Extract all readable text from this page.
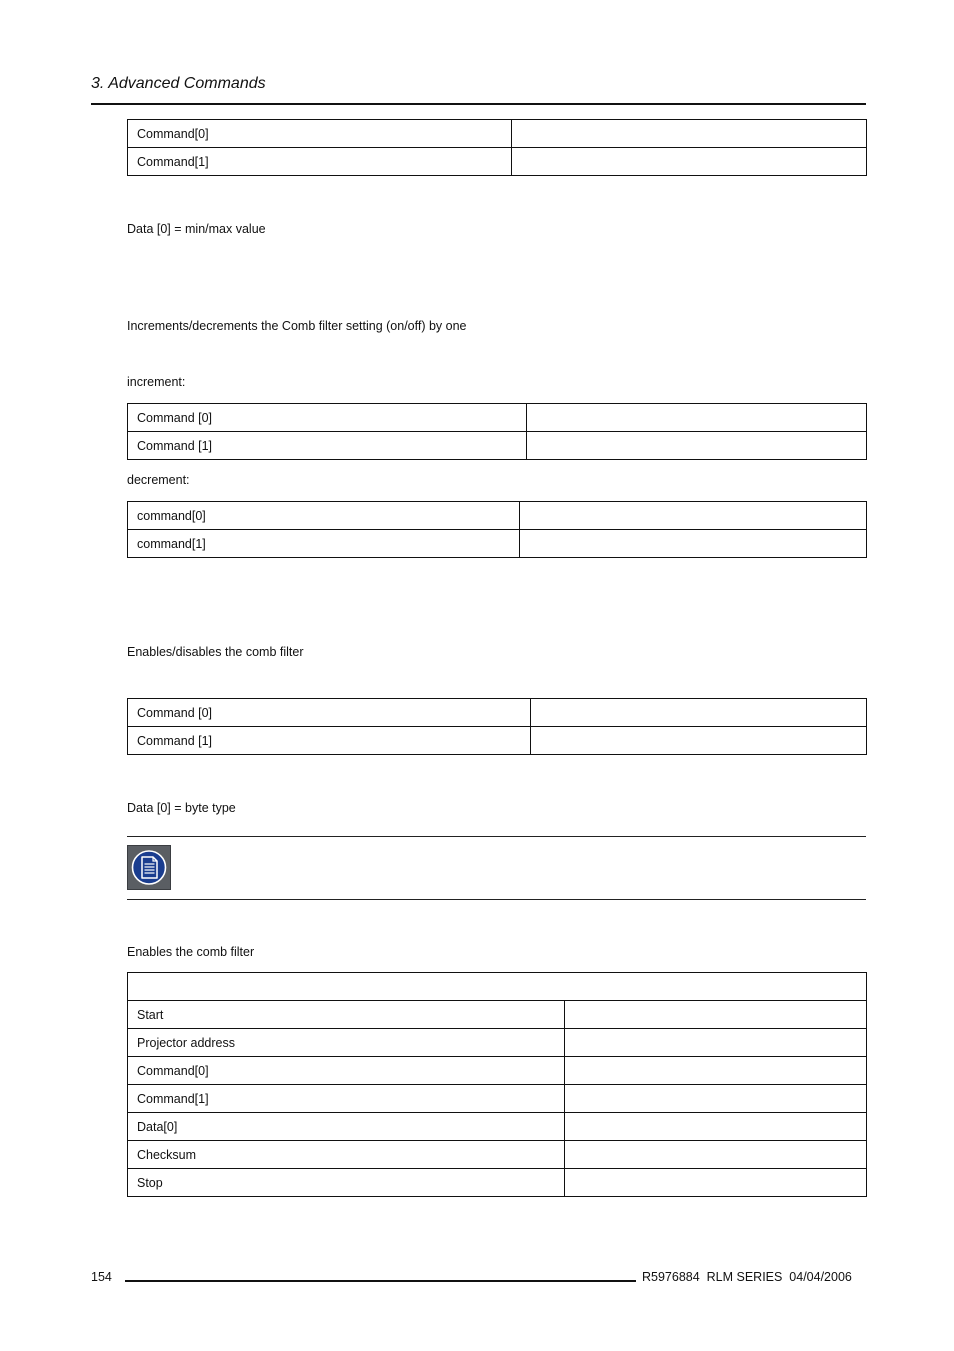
3. Advanced Commands
Command[0]	
Command[1]	
Data [0] = min/max value
Increments/decrements the Comb filter setting (on/off) by one
increment:
Command [0]	
Command [1]	
decrement:
command[0]	
command[1]	
Enables/disables the comb filter
Command [0]	
Command [1]	
Data [0] = byte type
Enables the comb filter

Start	
Projector address	
Command[0]	
Command[1]	
Data[0]	
Checksum	
Stop	
154	R5976884  RLM SERIES  04/04/2006
